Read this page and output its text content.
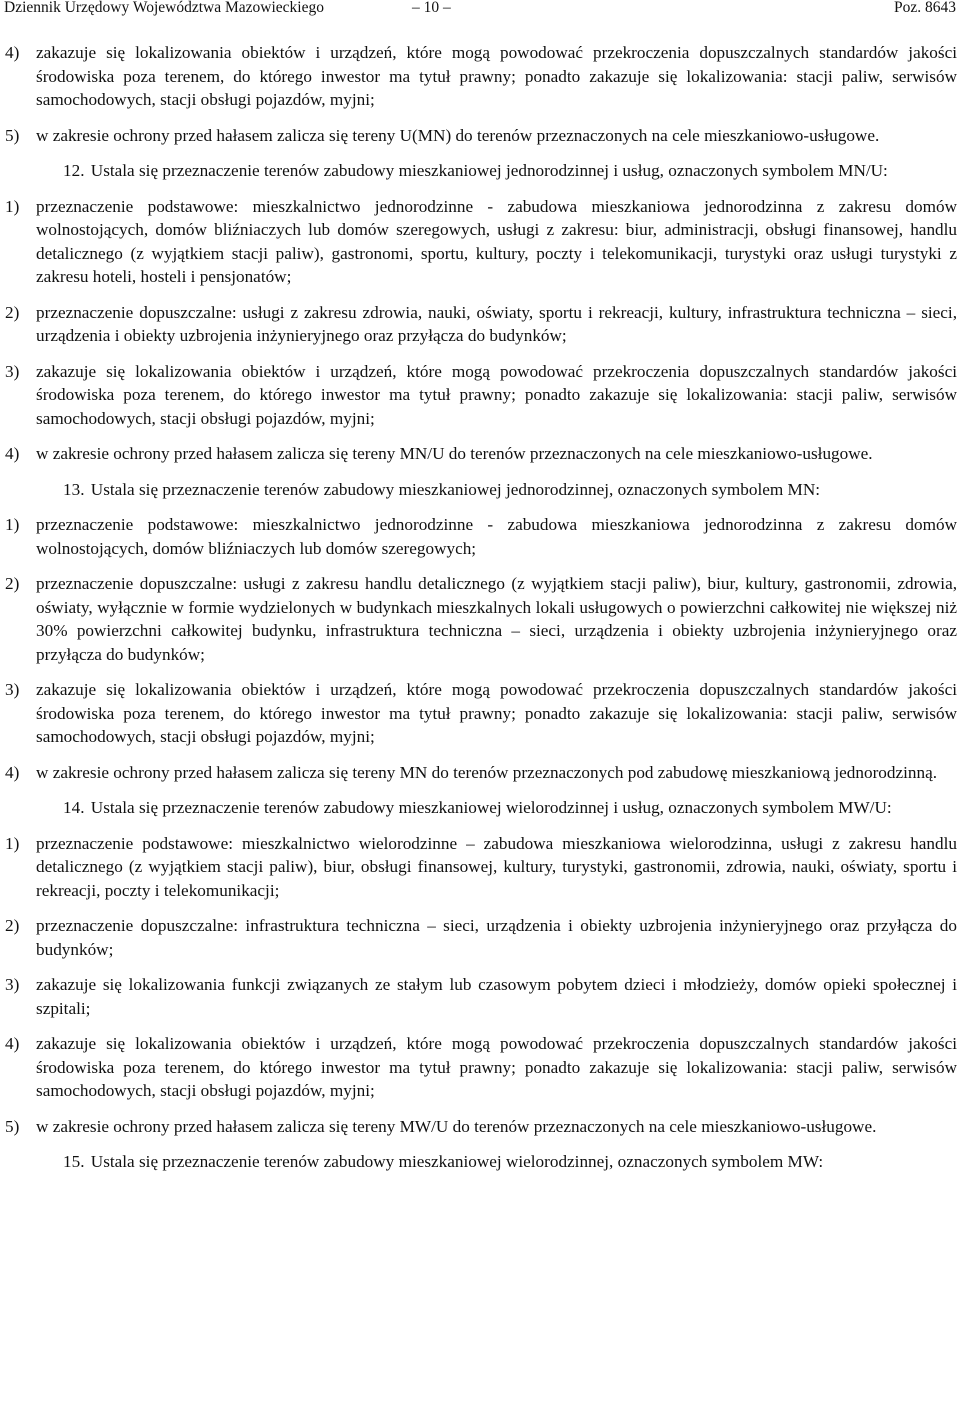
Dziennik Urzędowy Województwa Mazowieckiego	– 10 –	Poz. 8643
4) zakazuje się lokalizowania obiektów i urządzeń, które mogą powodować przekroczenia dopuszczalnych standardów jakości środowiska poza terenem, do którego inwestor ma tytuł prawny; ponadto zakazuje się lokalizowania: stacji paliw, serwisów samochodowych, stacji obsługi pojazdów, myjni;
5) w zakresie ochrony przed hałasem zalicza się tereny U(MN) do terenów przeznaczonych na cele mieszkaniowo-usługowe.
12. Ustala się przeznaczenie terenów zabudowy mieszkaniowej jednorodzinnej i usług, oznaczonych symbolem MN/U:
1) przeznaczenie podstawowe: mieszkalnictwo jednorodzinne - zabudowa mieszkaniowa jednorodzinna z zakresu domów wolnostojących, domów bliźniaczych lub domów szeregowych, usługi z zakresu: biur, administracji, obsługi finansowej, handlu detalicznego (z wyjątkiem stacji paliw), gastronomi, sportu, kultury, poczty i telekomunikacji, turystyki oraz usługi turystyki z zakresu hoteli, hosteli i pensjonatów;
2) przeznaczenie dopuszczalne: usługi z zakresu zdrowia, nauki, oświaty, sportu i rekreacji, kultury, infrastruktura techniczna – sieci, urządzenia i obiekty uzbrojenia inżynieryjnego oraz przyłącza do budynków;
3) zakazuje się lokalizowania obiektów i urządzeń, które mogą powodować przekroczenia dopuszczalnych standardów jakości środowiska poza terenem, do którego inwestor ma tytuł prawny; ponadto zakazuje się lokalizowania: stacji paliw, serwisów samochodowych, stacji obsługi pojazdów, myjni;
4) w zakresie ochrony przed hałasem zalicza się tereny MN/U do terenów przeznaczonych na cele mieszkaniowo-usługowe.
13. Ustala się przeznaczenie terenów zabudowy mieszkaniowej jednorodzinnej, oznaczonych symbolem MN:
1) przeznaczenie podstawowe: mieszkalnictwo jednorodzinne - zabudowa mieszkaniowa jednorodzinna z zakresu domów wolnostojących, domów bliźniaczych lub domów szeregowych;
2) przeznaczenie dopuszczalne: usługi z zakresu handlu detalicznego (z wyjątkiem stacji paliw), biur, kultury, gastronomii, zdrowia, oświaty, wyłącznie w formie wydzielonych w budynkach mieszkalnych lokali usługowych o powierzchni całkowitej nie większej niż 30% powierzchni całkowitej budynku, infrastruktura techniczna – sieci, urządzenia i obiekty uzbrojenia inżynieryjnego oraz przyłącza do budynków;
3) zakazuje się lokalizowania obiektów i urządzeń, które mogą powodować przekroczenia dopuszczalnych standardów jakości środowiska poza terenem, do którego inwestor ma tytuł prawny; ponadto zakazuje się lokalizowania: stacji paliw, serwisów samochodowych, stacji obsługi pojazdów, myjni;
4) w zakresie ochrony przed hałasem zalicza się tereny MN do terenów przeznaczonych pod zabudowę mieszkaniową jednorodzinną.
14. Ustala się przeznaczenie terenów zabudowy mieszkaniowej wielorodzinnej i usług, oznaczonych symbolem MW/U:
1) przeznaczenie podstawowe: mieszkalnictwo wielorodzinne – zabudowa mieszkaniowa wielorodzinna, usługi z zakresu handlu detalicznego (z wyjątkiem stacji paliw), biur, obsługi finansowej, kultury, turystyki, gastronomii, zdrowia, nauki, oświaty, sportu i rekreacji, poczty i telekomunikacji;
2) przeznaczenie dopuszczalne: infrastruktura techniczna – sieci, urządzenia i obiekty uzbrojenia inżynieryjnego oraz przyłącza do budynków;
3) zakazuje się lokalizowania funkcji związanych ze stałym lub czasowym pobytem dzieci i młodzieży, domów opieki społecznej i szpitali;
4) zakazuje się lokalizowania obiektów i urządzeń, które mogą powodować przekroczenia dopuszczalnych standardów jakości środowiska poza terenem, do którego inwestor ma tytuł prawny; ponadto zakazuje się lokalizowania: stacji paliw, serwisów samochodowych, stacji obsługi pojazdów, myjni;
5) w zakresie ochrony przed hałasem zalicza się tereny MW/U do terenów przeznaczonych na cele mieszkaniowo-usługowe.
15. Ustala się przeznaczenie terenów zabudowy mieszkaniowej wielorodzinnej, oznaczonych symbolem MW:
